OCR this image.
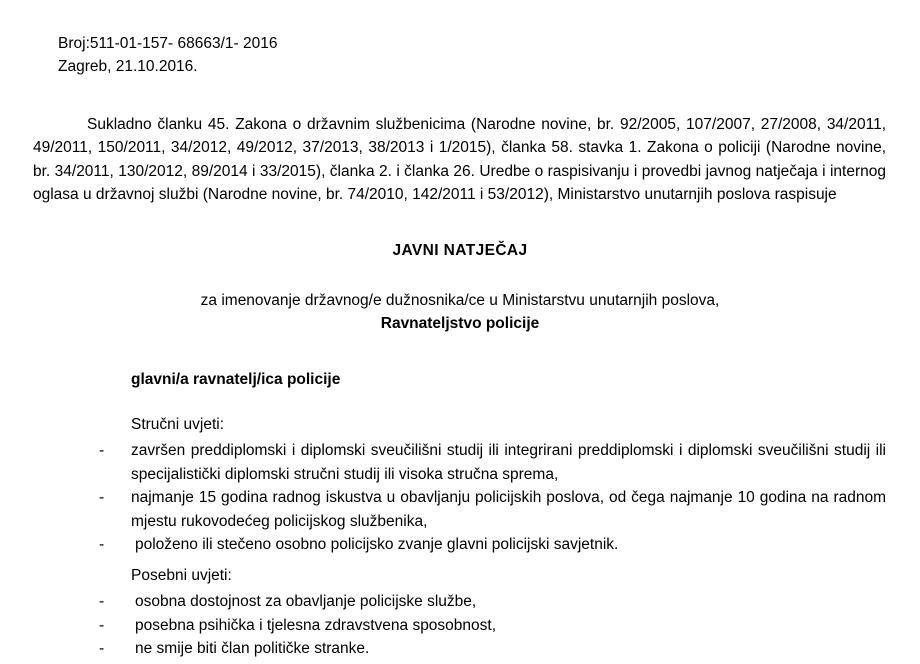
Broj:511-01-157- 68663/1- 2016
Zagreb, 21.10.2016.

Sukladno članku 45. Zakona o državnim službenicima (Narodne novine, br. 92/2005, 107/2007, 27/2008, 34/2011, 49/2011, 150/2011, 34/2012, 49/2012, 37/2013, 38/2013 i 1/2015), članka 58. stavka 1. Zakona o policiji (Narodne novine, br. 34/2011, 130/2012, 89/2014 i 33/2015), članka 2. i članka 26. Uredbe o raspisivanju i provedbi javnog natječaja i internog oglasa u državnoj službi (Narodne novine, br. 74/2010, 142/2011 i 53/2012), Ministarstvo unutarnjih poslova raspisuje

JAVNI NATJEČAJ
za imenovanje državnog/e dužnosnika/ce u Ministarstvu unutarnjih poslova,
Ravnateljstvo policije
glavni/a ravnatelj/ica policije
Stručni uvjeti:
-	završen preddiplomski i diplomski sveučilišni studij ili integrirani preddiplomski i diplomski sveučilišni studij ili specijalistički diplomski stručni studij ili visoka stručna sprema,
-	najmanje 15 godina radnog iskustva u obavljanju policijskih poslova, od čega najmanje 10 godina na radnom mjestu rukovodećeg policijskog službenika,
-	položeno ili stečeno osobno policijsko zvanje glavni policijski savjetnik.
Posebni uvjeti:
-	osobna dostojnost za obavljanje policijske službe,
-	posebna psihička i tjelesna zdravstvena sposobnost,
-	ne smije biti član političke stranke.
